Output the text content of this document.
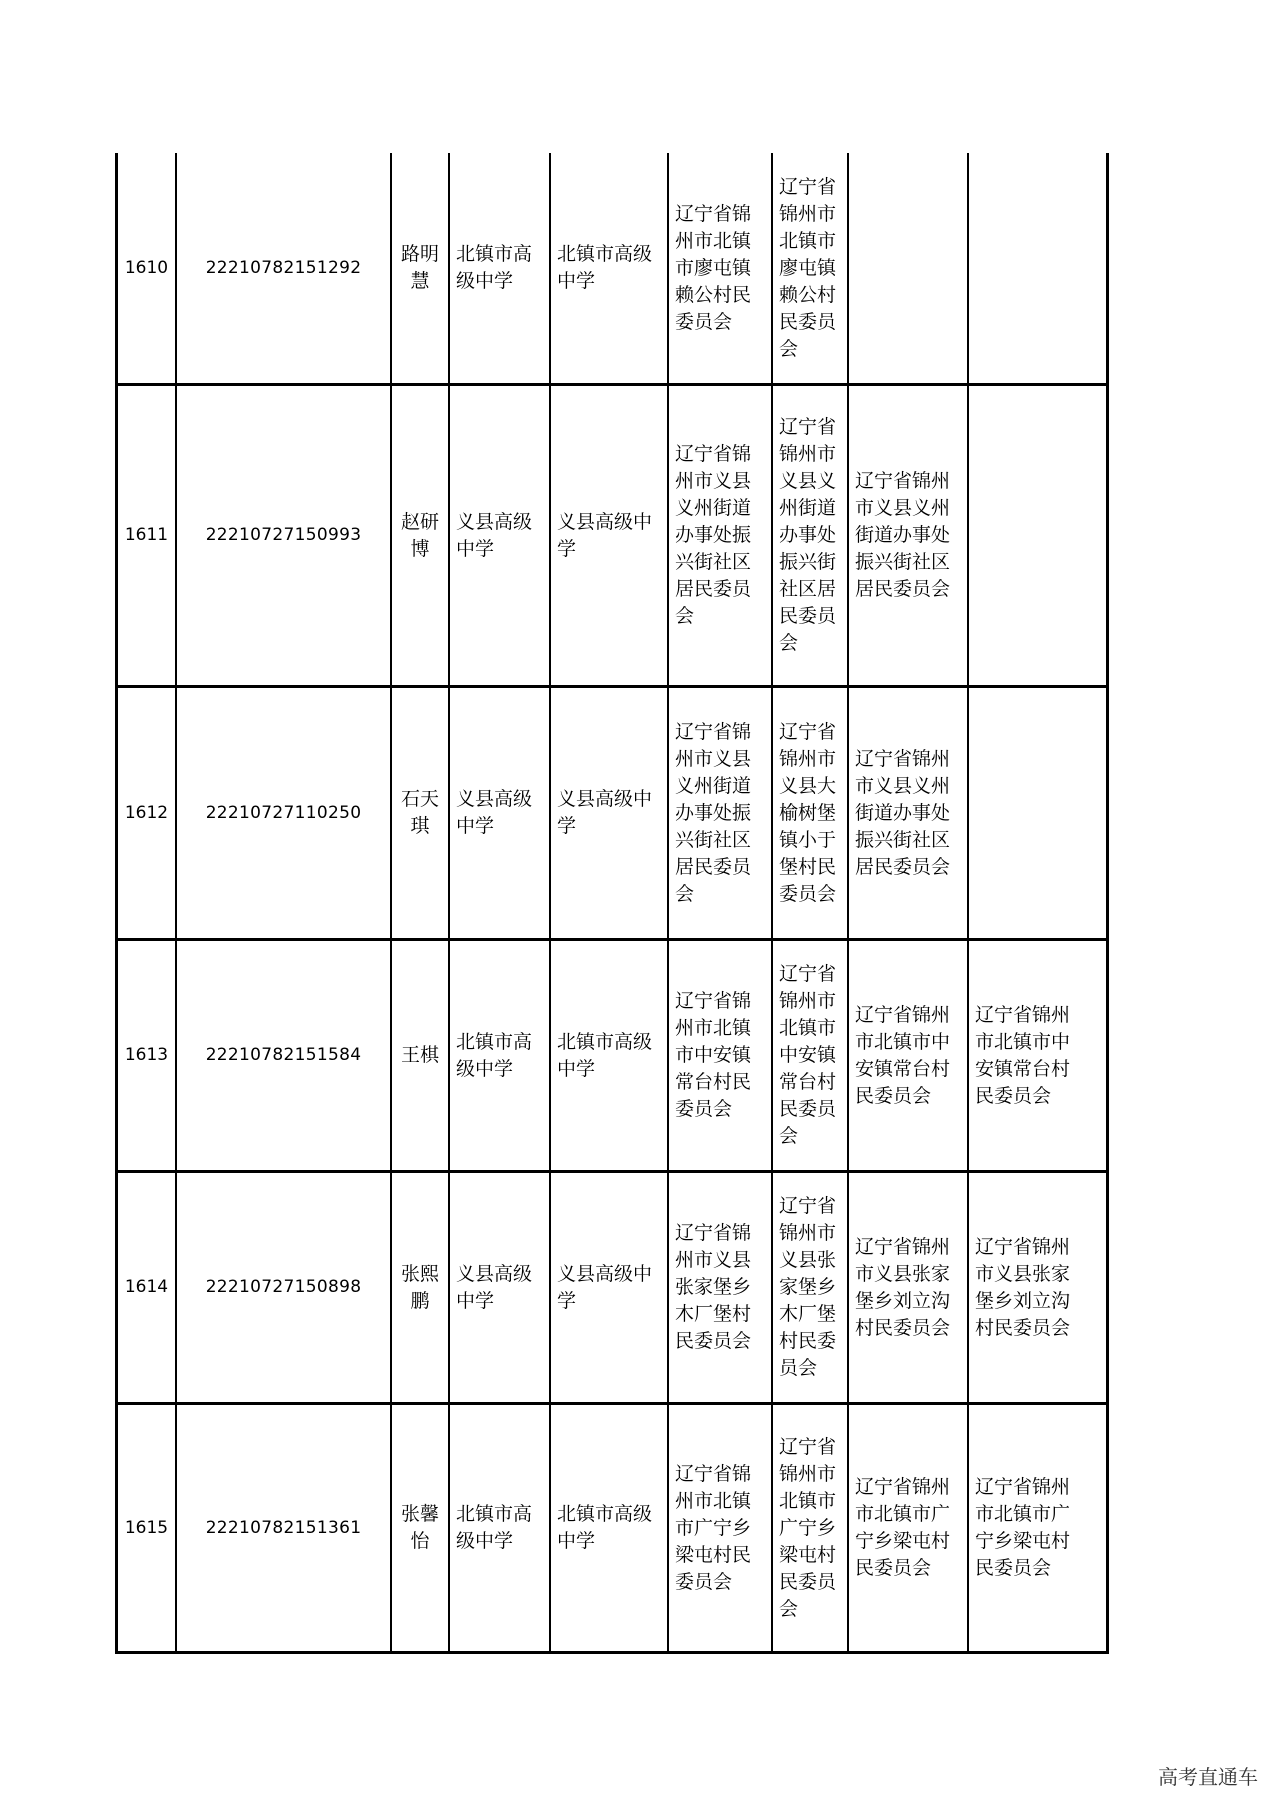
1610 22210782151292
路明慧
北镇市高级中学
北镇市高级中学
辽宁省锦州市北镇市廖屯镇赖公村民委员会
辽宁省锦州市北镇市廖屯镇赖公村民委员会
1611 22210727150993
赵研博
义县高级中学
义县高级中学
辽宁省锦州市义县义州街道办事处振兴街社区居民委员会
辽宁省锦州市义县义州街道办事处振兴街社区居民委员会
辽宁省锦州市义县义州街道办事处振兴街社区居民委员会
1612 22210727110250
石天琪
义县高级中学
义县高级中学
辽宁省锦州市义县义州街道办事处振兴街社区居民委员会
辽宁省锦州市义县大榆树堡镇小于堡村民委员会
辽宁省锦州市义县义州街道办事处振兴街社区居民委员会
1613 22210782151584 王棋
北镇市高级中学
北镇市高级中学
辽宁省锦州市北镇市中安镇常台村民委员会
辽宁省锦州市北镇市中安镇常台村民委员会
辽宁省锦州市北镇市中安镇常台村民委员会
辽宁省锦州市北镇市中安镇常台村民委员会
1614 22210727150898
张熙鹏
义县高级中学
义县高级中学
辽宁省锦州市义县张家堡乡木厂堡村民委员会
辽宁省锦州市义县张家堡乡木厂堡村民委员会
辽宁省锦州市义县张家堡乡刘立沟村民委员会
辽宁省锦州市义县张家堡乡刘立沟村民委员会
1615 22210782151361
张馨怡
北镇市高级中学
北镇市高级中学
辽宁省锦州市北镇市广宁乡梁屯村民委员会
辽宁省锦州市北镇市广宁乡梁屯村民委员会
辽宁省锦州市北镇市广宁乡梁屯村民委员会
辽宁省锦州市北镇市广宁乡梁屯村民委员会
高考直通车
